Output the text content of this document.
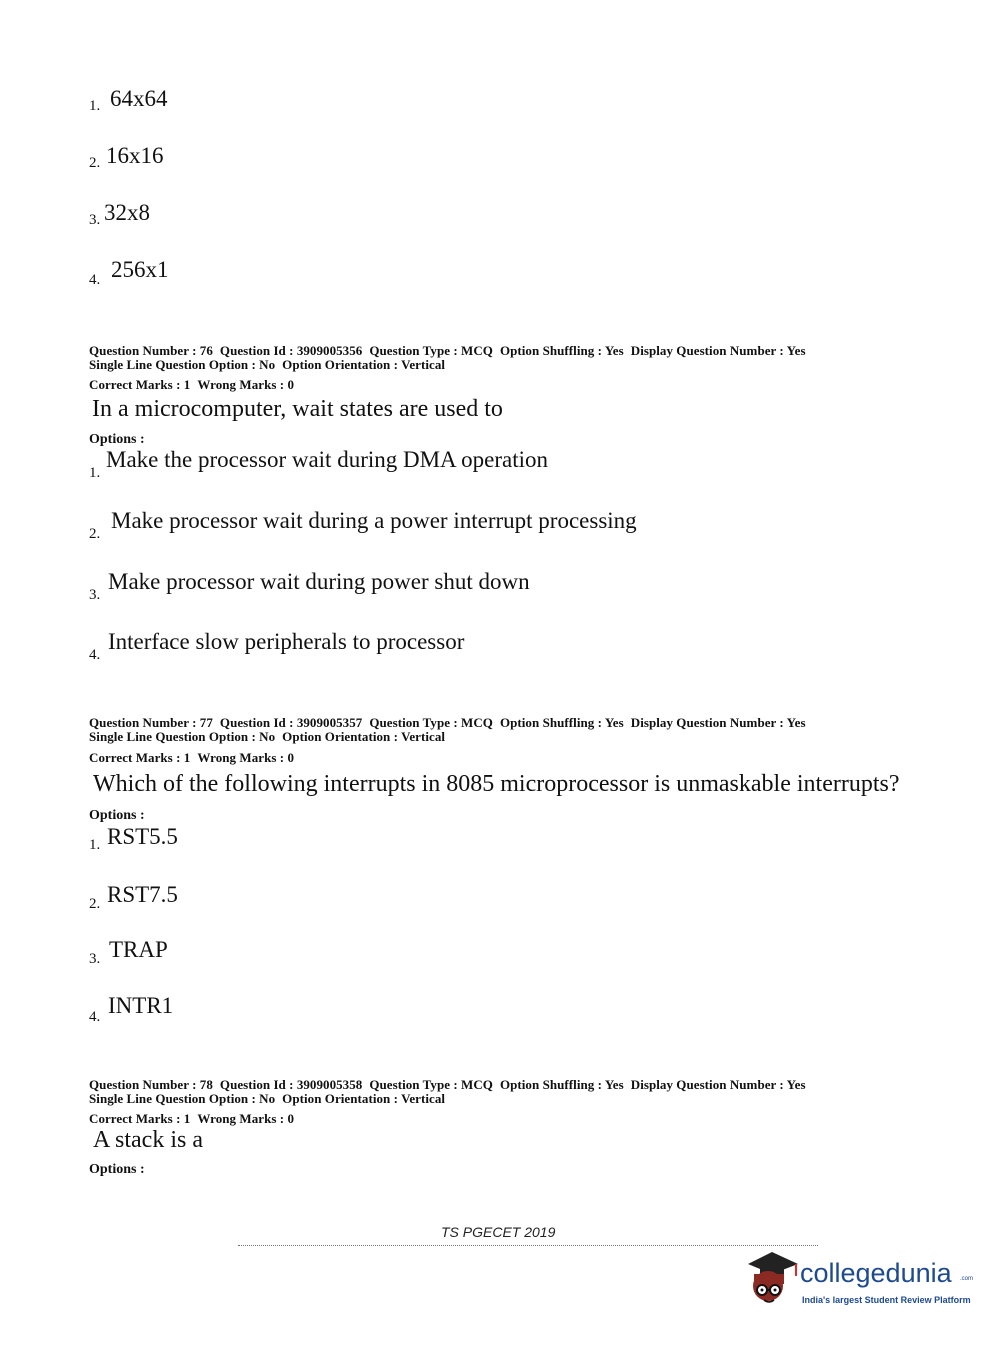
1. 64x64
2. 16x16
3. 32x8
4. 256x1
Question Number : 76 Question Id : 3909005356 Question Type : MCQ Option Shuffling : Yes Display Question Number : Yes
Single Line Question Option : No Option Orientation : Vertical
Correct Marks : 1 Wrong Marks : 0
In a microcomputer, wait states are used to
Options :
1.
Make the processor wait during DMA operation
2.
Make processor wait during a power interrupt processing
3.
Make processor wait during power shut down
4.
Interface slow peripherals to processor
Question Number : 77 Question Id : 3909005357 Question Type : MCQ Option Shuffling : Yes Display Question Number : Yes
Single Line Question Option : No Option Orientation : Vertical
Correct Marks : 1 Wrong Marks : 0
Which of the following interrupts in 8085 microprocessor is unmaskable interrupts?
Options :
1. RST5.5
2. RST7.5
3. TRAP
4. INTR1
Question Number : 78 Question Id : 3909005358 Question Type : MCQ Option Shuffling : Yes Display Question Number : Yes
Single Line Question Option : No Option Orientation : Vertical
Correct Marks : 1 Wrong Marks : 0
A stack is a
Options :
TS PGECET 2019
collegedunia .com
India's largest Student Review Platform
